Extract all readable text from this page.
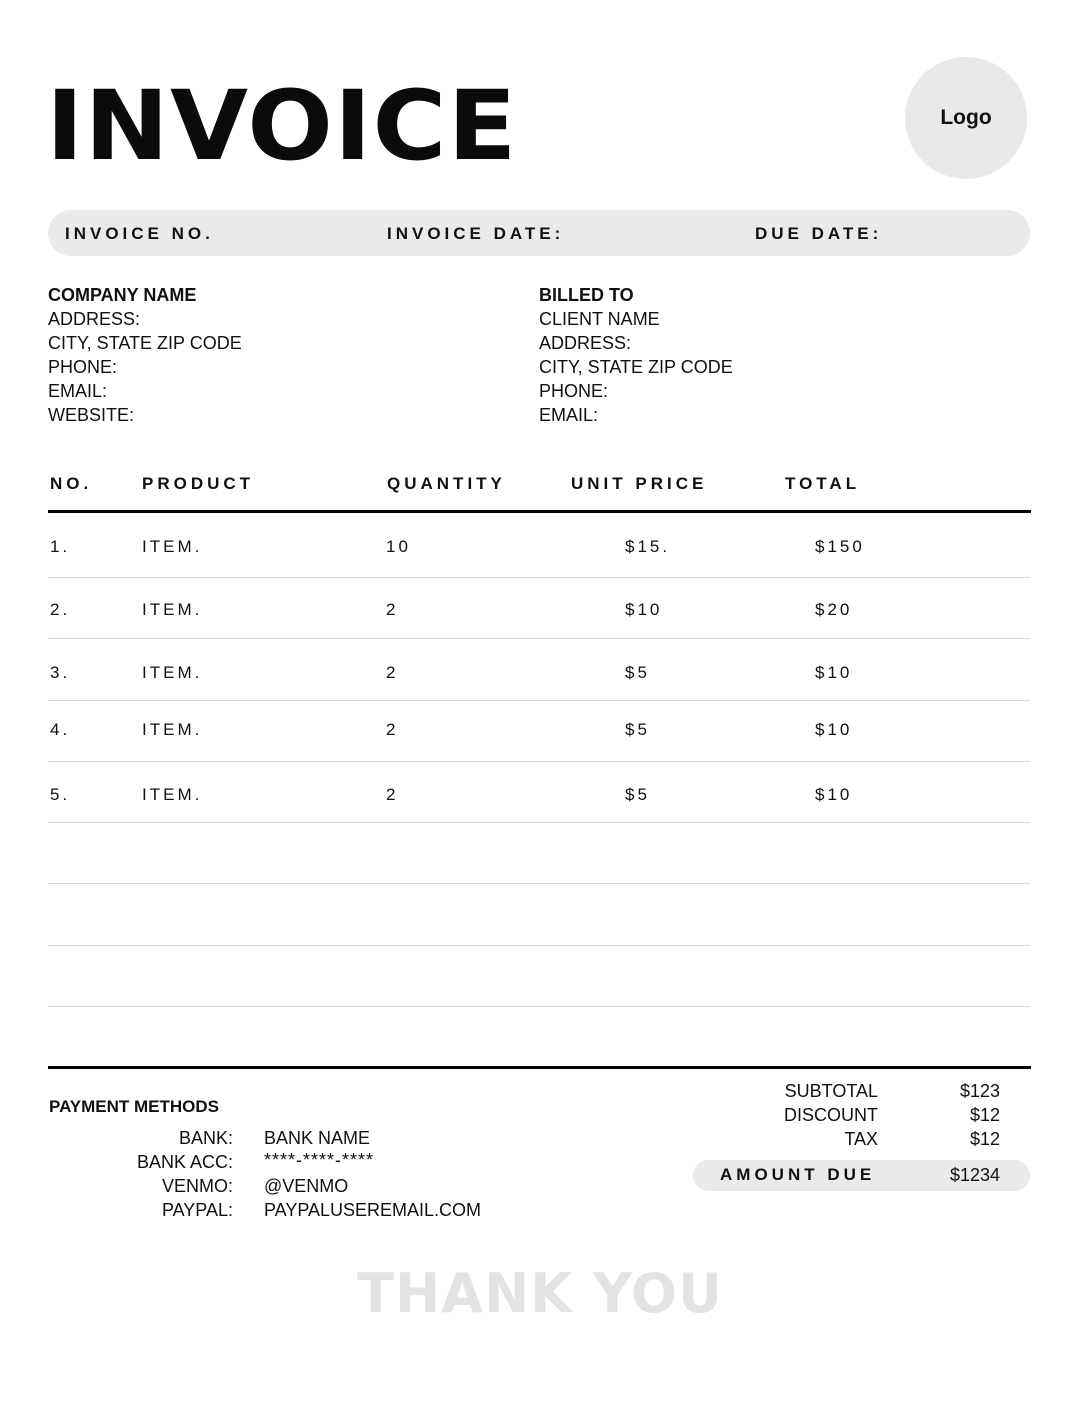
INVOICE	Logo
INVOICE NO.	INVOICE DATE:	DUE DATE:
COMPANY NAME
ADDRESS:
CITY, STATE ZIP CODE
PHONE:
EMAIL:
WEBSITE:
BILLED TO
CLIENT NAME
ADDRESS:
CITY, STATE ZIP CODE
PHONE:
EMAIL:
NO.	PRODUCT	QUANTITY	UNIT PRICE	TOTAL
1.	ITEM.	10	$15.	$150
2.	ITEM.	2	$10	$20
3.	ITEM.	2	$5	$10
4.	ITEM.	2	$5	$10
5.	ITEM.	2	$5	$10
PAYMENT METHODS
BANK: BANK NAME
BANK ACC: ****-****-****
VENMO: @VENMO
PAYPAL: PAYPALUSEREMAIL.COM
SUBTOTAL	$123
DISCOUNT	$12
TAX	$12
AMOUNT DUE	$1234
THANK YOU
